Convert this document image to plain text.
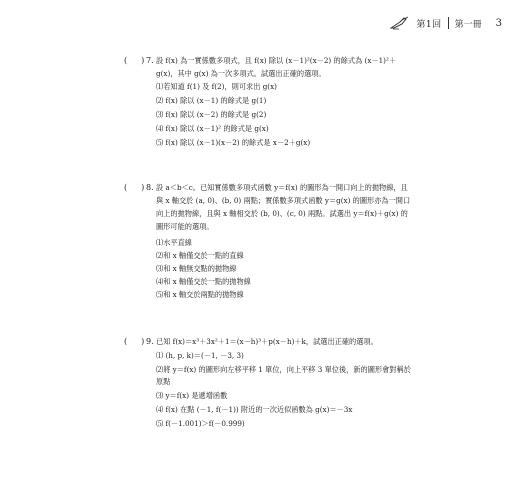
第1回 第一冊 3
( ) 7. 設 f(x) 為一實係數多項式，且 f(x) 除以 (x－1)²(x－2) 的餘式為 (x－1)²＋g(x)，其中 g(x) 為一次多項式。試選出正確的選項。
⑴若知道 f(1) 及 f(2)，則可求出 g(x)
⑵ f(x) 除以 (x－1) 的餘式是 g(1)
⑶ f(x) 除以 (x－2) 的餘式是 g(2)
⑷ f(x) 除以 (x－1)² 的餘式是 g(x)
⑸ f(x) 除以 (x－1)(x－2) 的餘式是 x－2＋g(x)
( ) 8. 設 a＜b＜c。已知實係數多項式函數 y＝f(x) 的圖形為一開口向上的拋物線，且與 x 軸交於 (a, 0)、(b, 0) 兩點；實係數多項式函數 y＝g(x) 的圖形亦為一開口向上的拋物線，且與 x 軸相交於 (b, 0)、(c, 0) 兩點。試選出 y＝f(x)＋g(x) 的圖形可能的選項。
⑴水平直線
⑵和 x 軸僅交於一點的直線
⑶和 x 軸無交點的拋物線
⑷和 x 軸僅交於一點的拋物線
⑸和 x 軸交於兩點的拋物線
( ) 9. 已知 f(x)＝x³＋3x²＋1＝(x－h)³＋p(x－h)＋k，試選出正確的選項。
⑴ (h, p, k)＝(－1, －3, 3)
⑵將 y＝f(x) 的圖形向左移平移 1 單位，向上平移 3 單位後，新的圖形會對稱於原點
⑶ y＝f(x) 是遞增函數
⑷ f(x) 在點 (－1, f(－1)) 附近的一次近似函數為 g(x)＝－3x
⑸ f(－1.001)＞f(－0.999)
